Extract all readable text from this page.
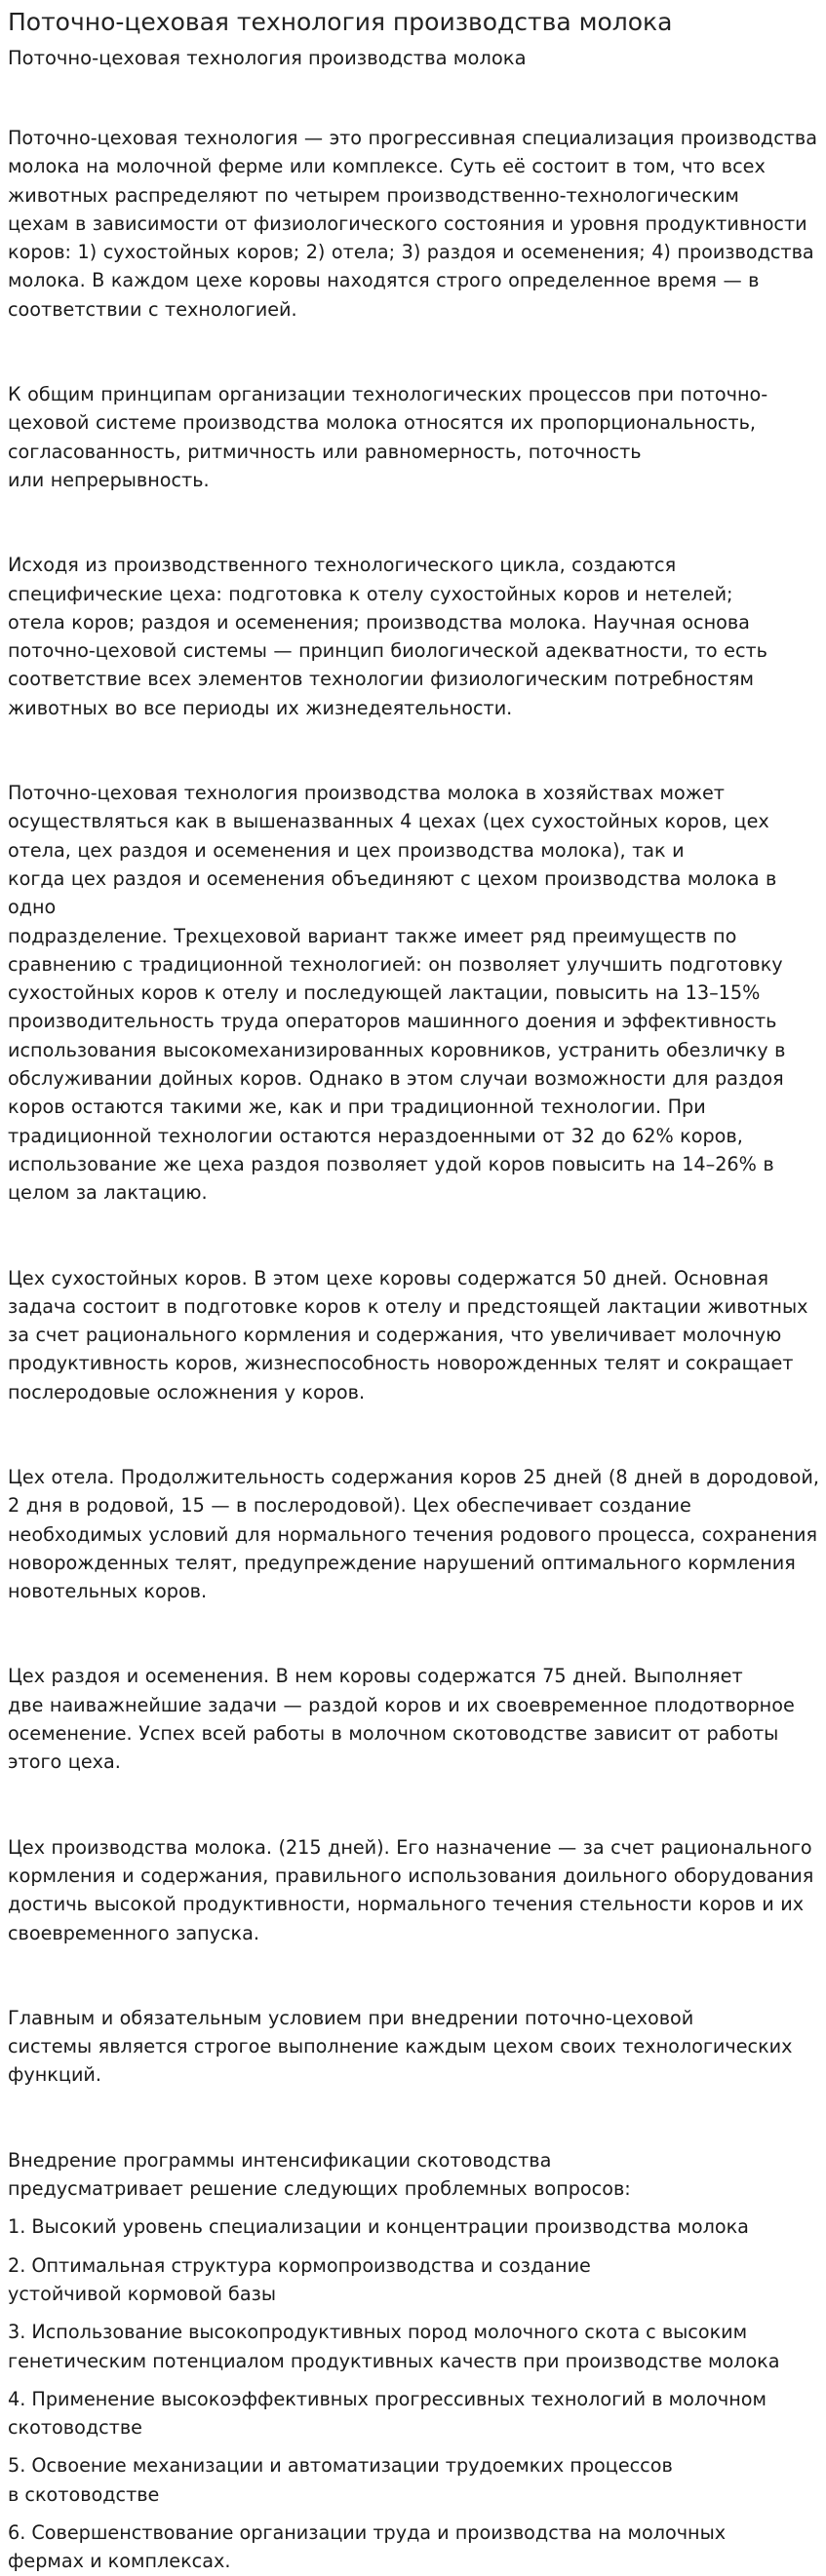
Поточно-цеховая технология производства молока
Поточно-цеховая технология производства молока

Поточно-цеховая технология — это прогрессивная специализация производства
молока на молочной ферме или комплексе. Суть её состоит в том, что всех
животных распределяют по четырем производственно-технологическим
цехам в зависимости от физиологического состояния и уровня продуктивности
коров: 1) сухостойных коров; 2) отела; 3) раздоя и осеменения; 4) производства
молока. В каждом цехе коровы находятся строго определенное время — в
соответствии с технологией.

К общим принципам организации технологических процессов при поточно-
цеховой системе производства молока относятся их пропорциональность,
согласованность, ритмичность или равномерность, поточность
или непрерывность.

Исходя из производственного технологического цикла, создаются
специфические цеха: подготовка к отелу сухостойных коров и нетелей;
отела коров; раздоя и осеменения; производства молока. Научная основа
поточно-цеховой системы — принцип биологической адекватности, то есть
соответствие всех элементов технологии физиологическим потребностям
животных во все периоды их жизнедеятельности.

Поточно-цеховая технология производства молока в хозяйствах может
осуществляться как в вышеназванных 4 цехах (цех сухостойных коров, цех
отела, цех раздоя и осеменения и цех производства молока), так и
когда цех раздоя и осеменения объединяют с цехом производства молока в одно
подразделение. Трехцеховой вариант также имеет ряд преимуществ по
сравнению с традиционной технологией: он позволяет улучшить подготовку
сухостойных коров к отелу и последующей лактации, повысить на 13–15%
производительность труда операторов машинного доения и эффективность
использования высокомеханизированных коровников, устранить обезличку в
обслуживании дойных коров. Однако в этом случаи возможности для раздоя
коров остаются такими же, как и при традиционной технологии. При
традиционной технологии остаются нераздоенными от 32 до 62% коров,
использование же цеха раздоя позволяет удой коров повысить на 14–26% в
целом за лактацию.

Цех сухостойных коров. В этом цехе коровы содержатся 50 дней. Основная
задача состоит в подготовке коров к отелу и предстоящей лактации животных
за счет рационального кормления и содержания, что увеличивает молочную
продуктивность коров, жизнеспособность новорожденных телят и сокращает
послеродовые осложнения у коров.

Цех отела. Продолжительность содержания коров 25 дней (8 дней в дородовой,
2 дня в родовой, 15 — в послеродовой). Цех обеспечивает создание
необходимых условий для нормального течения родового процесса, сохранения
новорожденных телят, предупреждение нарушений оптимального кормления
новотельных коров.

Цех раздоя и осеменения. В нем коровы содержатся 75 дней. Выполняет
две наиважнейшие задачи — раздой коров и их своевременное плодотворное
осеменение. Успех всей работы в молочном скотоводстве зависит от работы
этого цеха.

Цех производства молока. (215 дней). Его назначение — за счет рационального
кормления и содержания, правильного использования доильного оборудования
достичь высокой продуктивности, нормального течения стельности коров и их
своевременного запуска.

Главным и обязательным условием при внедрении поточно-цеховой
системы является строгое выполнение каждым цехом своих технологических
функций.

Внедрение программы интенсификации скотоводства
предусматривает решение следующих проблемных вопросов:

1. Высокий уровень специализации и концентрации производства молока
2. Оптимальная структура кормопроизводства и создание
устойчивой кормовой базы
3. Использование высокопродуктивных пород молочного скота с высоким
генетическим потенциалом продуктивных качеств при производстве молока
4. Применение высокоэффективных прогрессивных технологий в молочном
скотоводстве
5. Освоение механизации и автоматизации трудоемких процессов
в скотоводстве
6. Совершенствование организации труда и производства на молочных
фермах и комплексах.
